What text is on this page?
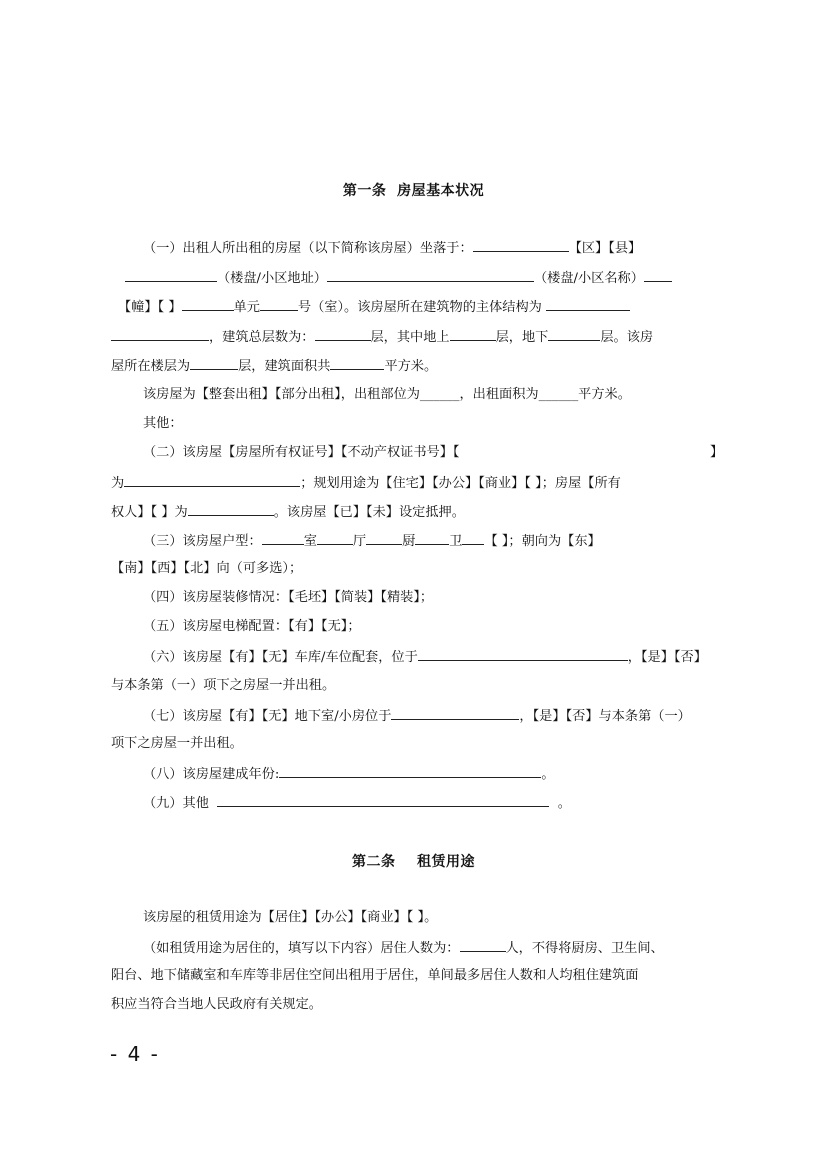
第一条  房屋基本状况
（一）出租人所出租的房屋（以下简称该房屋）坐落于：	【区】【县】
（楼盘/小区地址）	（楼盘/小区名称）
【幢】【 】	单元	号（室）。该房屋所在建筑物的主体结构为
，建筑总层数为：	层，其中地上	层，地下	层。该房
屋所在楼层为	层，建筑面积共	平方米。
该房屋为【整套出租】【部分出租】，出租部位为______，出租面积为______平方米。
其他：
（二）该房屋【房屋所有权证号】【不动产权证书号】【	】
为	；规划用途为【住宅】【办公】【商业】【 】；房屋【所有
权人】【 】为	。该房屋【已】【未】设定抵押。
（三）该房屋户型：	室	厅	厨	卫 【 】；朝向为【东】
【南】【西】【北】向（可多选）；
（四）该房屋装修情况：【毛坯】【简装】【精装】；
（五）该房屋电梯配置：【有】【无】；
（六）该房屋【有】【无】车库/车位配套，位于	，【是】【否】
与本条第（一）项下之房屋一并出租。
（七）该房屋【有】【无】地下室/小房位于	，【是】【否】与本条第（一）
项下之房屋一并出租。
（八）该房屋建成年份:	。
（九）其他	。
第二条    租赁用途
该房屋的租赁用途为【居住】【办公】【商业】【 】。
（如租赁用途为居住的，填写以下内容）居住人数为：	人，不得将厨房、卫生间、
阳台、地下储藏室和车库等非居住空间出租用于居住，单间最多居住人数和人均租住建筑面
积应当符合当地人民政府有关规定。
- 4 -
